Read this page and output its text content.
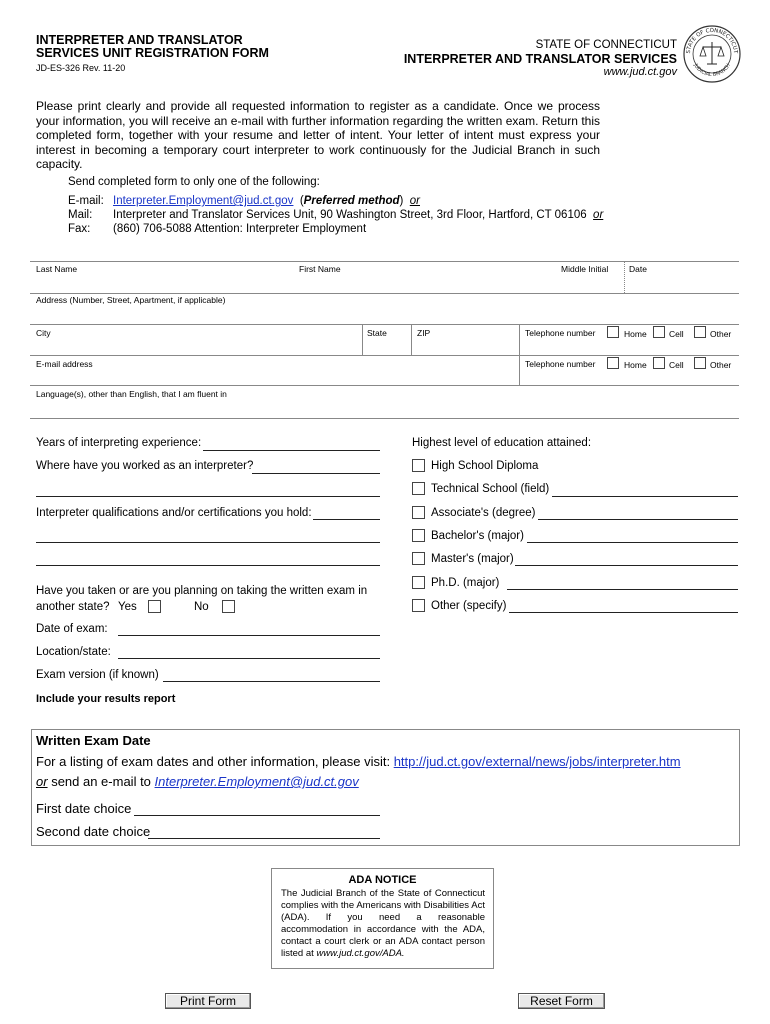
INTERPRETER AND TRANSLATOR
SERVICES UNIT REGISTRATION FORM
JD-ES-326 Rev. 11-20
STATE OF CONNECTICUT
INTERPRETER AND TRANSLATOR SERVICES
www.jud.ct.gov
STATE OF CONNECTICUT
JUDICIAL BRANCH
Please print clearly and provide all requested information to register as a candidate. Once we process your information, you will receive an e-mail with further information regarding the written exam. Return this completed form, together with your resume and letter of intent. Your letter of intent must express your interest in becoming a temporary court interpreter to work continuously for the Judicial Branch in such capacity.
Send completed form to only one of the following:
E-mail: Interpreter.Employment@jud.ct.gov  (Preferred method)  or
Mail: Interpreter and Translator Services Unit, 90 Washington Street, 3rd Floor, Hartford, CT 06106 or
Fax: (860) 706-5088 Attention: Interpreter Employment
Last Name	First Name	Middle Initial Date
Address (Number, Street, Apartment, if applicable)
City	State	ZIP	Telephone number	Home	Cell	Other
E-mail address	Telephone number	Home	Cell	Other
Language(s), other than English, that I am fluent in
Years of interpreting experience:
Where have you worked as an interpreter?
Interpreter qualifications and/or certifications you hold:
Have you taken or are you planning on taking the written exam in
another state? Yes	No
Date of exam:
Location/state:
Exam version (if known)
Include your results report
Highest level of education attained:
High School Diploma
Technical School (field)
Associate's (degree)
Bachelor's (major)
Master's (major)
Ph.D. (major)
Other (specify)
Written Exam Date
For a listing of exam dates and other information, please visit: http://jud.ct.gov/external/news/jobs/interpreter.htm
or send an e-mail to Interpreter.Employment@jud.ct.gov
First date choice
Second date choice
ADA NOTICE
The Judicial Branch of the State of Connecticut complies with the Americans with Disabilities Act (ADA). If you need a reasonable accommodation in accordance with the ADA, contact a court clerk or an ADA contact person listed at www.jud.ct.gov/ADA.
Print Form	Reset Form
